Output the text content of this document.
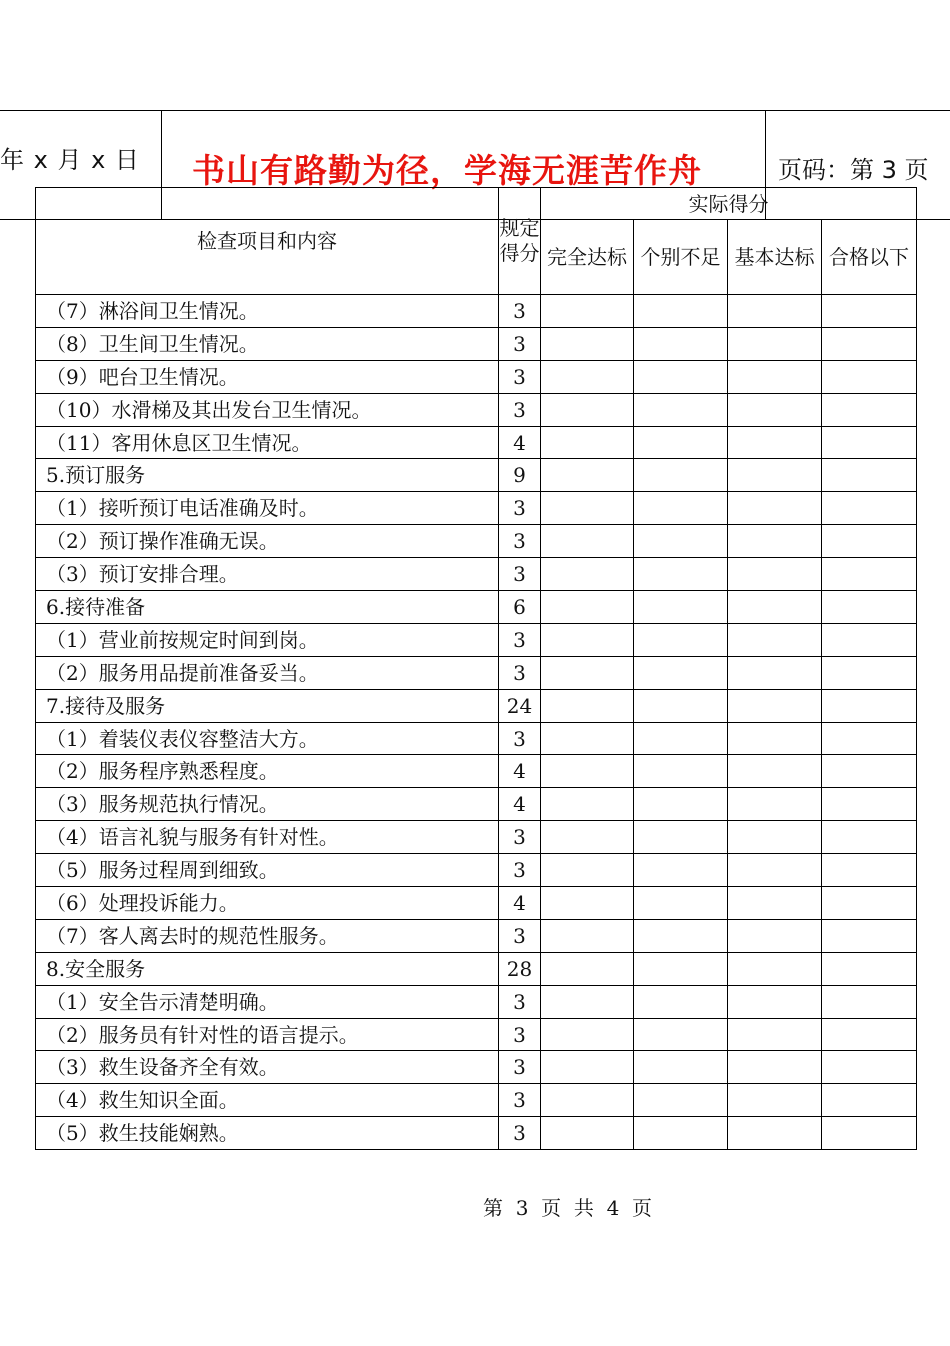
年 x 月 x 日 书山有路勤为径，学海无涯苦作舟	页码：第 3 页
检查项目和内容	规定得分	实际得分			
		完全达标	个别不足	基本达标	合格以下
（7）淋浴间卫生情况。	3				
（8）卫生间卫生情况。	3				
（9）吧台卫生情况。	3				
（10）水滑梯及其出发台卫生情况。	3				
（11）客用休息区卫生情况。	4				
5.预订服务	9				
（1）接听预订电话准确及时。	3				
（2）预订操作准确无误。	3				
（3）预订安排合理。	3				
6.接待准备	6				
（1）营业前按规定时间到岗。	3				
（2）服务用品提前准备妥当。	3				
7.接待及服务	24				
（1）着装仪表仪容整洁大方。	3				
（2）服务程序熟悉程度。	4				
（3）服务规范执行情况。	4				
（4）语言礼貌与服务有针对性。	3				
（5）服务过程周到细致。	3				
（6）处理投诉能力。	4				
（7）客人离去时的规范性服务。	3				
8.安全服务	28				
（1）安全告示清楚明确。	3				
（2）服务员有针对性的语言提示。	3				
（3）救生设备齐全有效。	3				
（4）救生知识全面。	3				
（5）救生技能娴熟。	3				
第  3  页  共  4  页
